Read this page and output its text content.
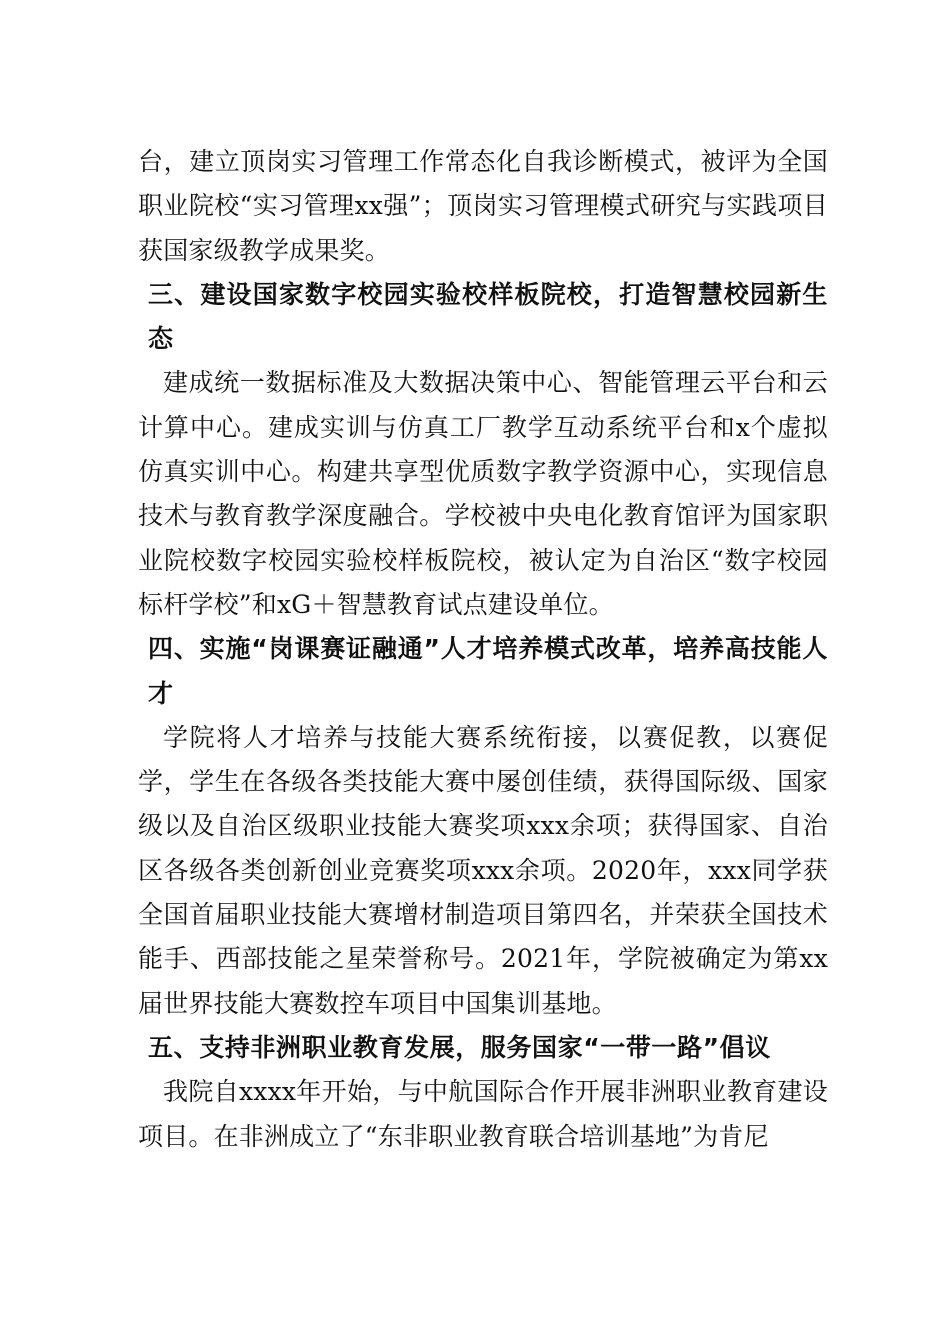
台，建立顶岗实习管理工作常态化自我诊断模式，被评为全国职业院校“实习管理xx强”；顶岗实习管理模式研究与实践项目获国家级教学成果奖。

三、建设国家数字校园实验校样板院校，打造智慧校园新生态

建成统一数据标准及大数据决策中心、智能管理云平台和云计算中心。建成实训与仿真工厂教学互动系统平台和x个虚拟仿真实训中心。构建共享型优质数字教学资源中心，实现信息技术与教育教学深度融合。学校被中央电化教育馆评为国家职业院校数字校园实验校样板院校，被认定为自治区“数字校园标杆学校”和xG＋智慧教育试点建设单位。

四、实施“岗课赛证融通”人才培养模式改革，培养高技能人才

学院将人才培养与技能大赛系统衔接，以赛促教，以赛促学，学生在各级各类技能大赛中屡创佳绩，获得国际级、国家级以及自治区级职业技能大赛奖项xxx余项；获得国家、自治区各级各类创新创业竞赛奖项xxx余项。2020年，xxx同学获全国首届职业技能大赛增材制造项目第四名，并荣获全国技术能手、西部技能之星荣誉称号。2021年，学院被确定为第xx届世界技能大赛数控车项目中国集训基地。

五、支持非洲职业教育发展，服务国家“一带一路”倡议

我院自xxxx年开始，与中航国际合作开展非洲职业教育建设项目。在非洲成立了“东非职业教育联合培训基地”为肯尼
